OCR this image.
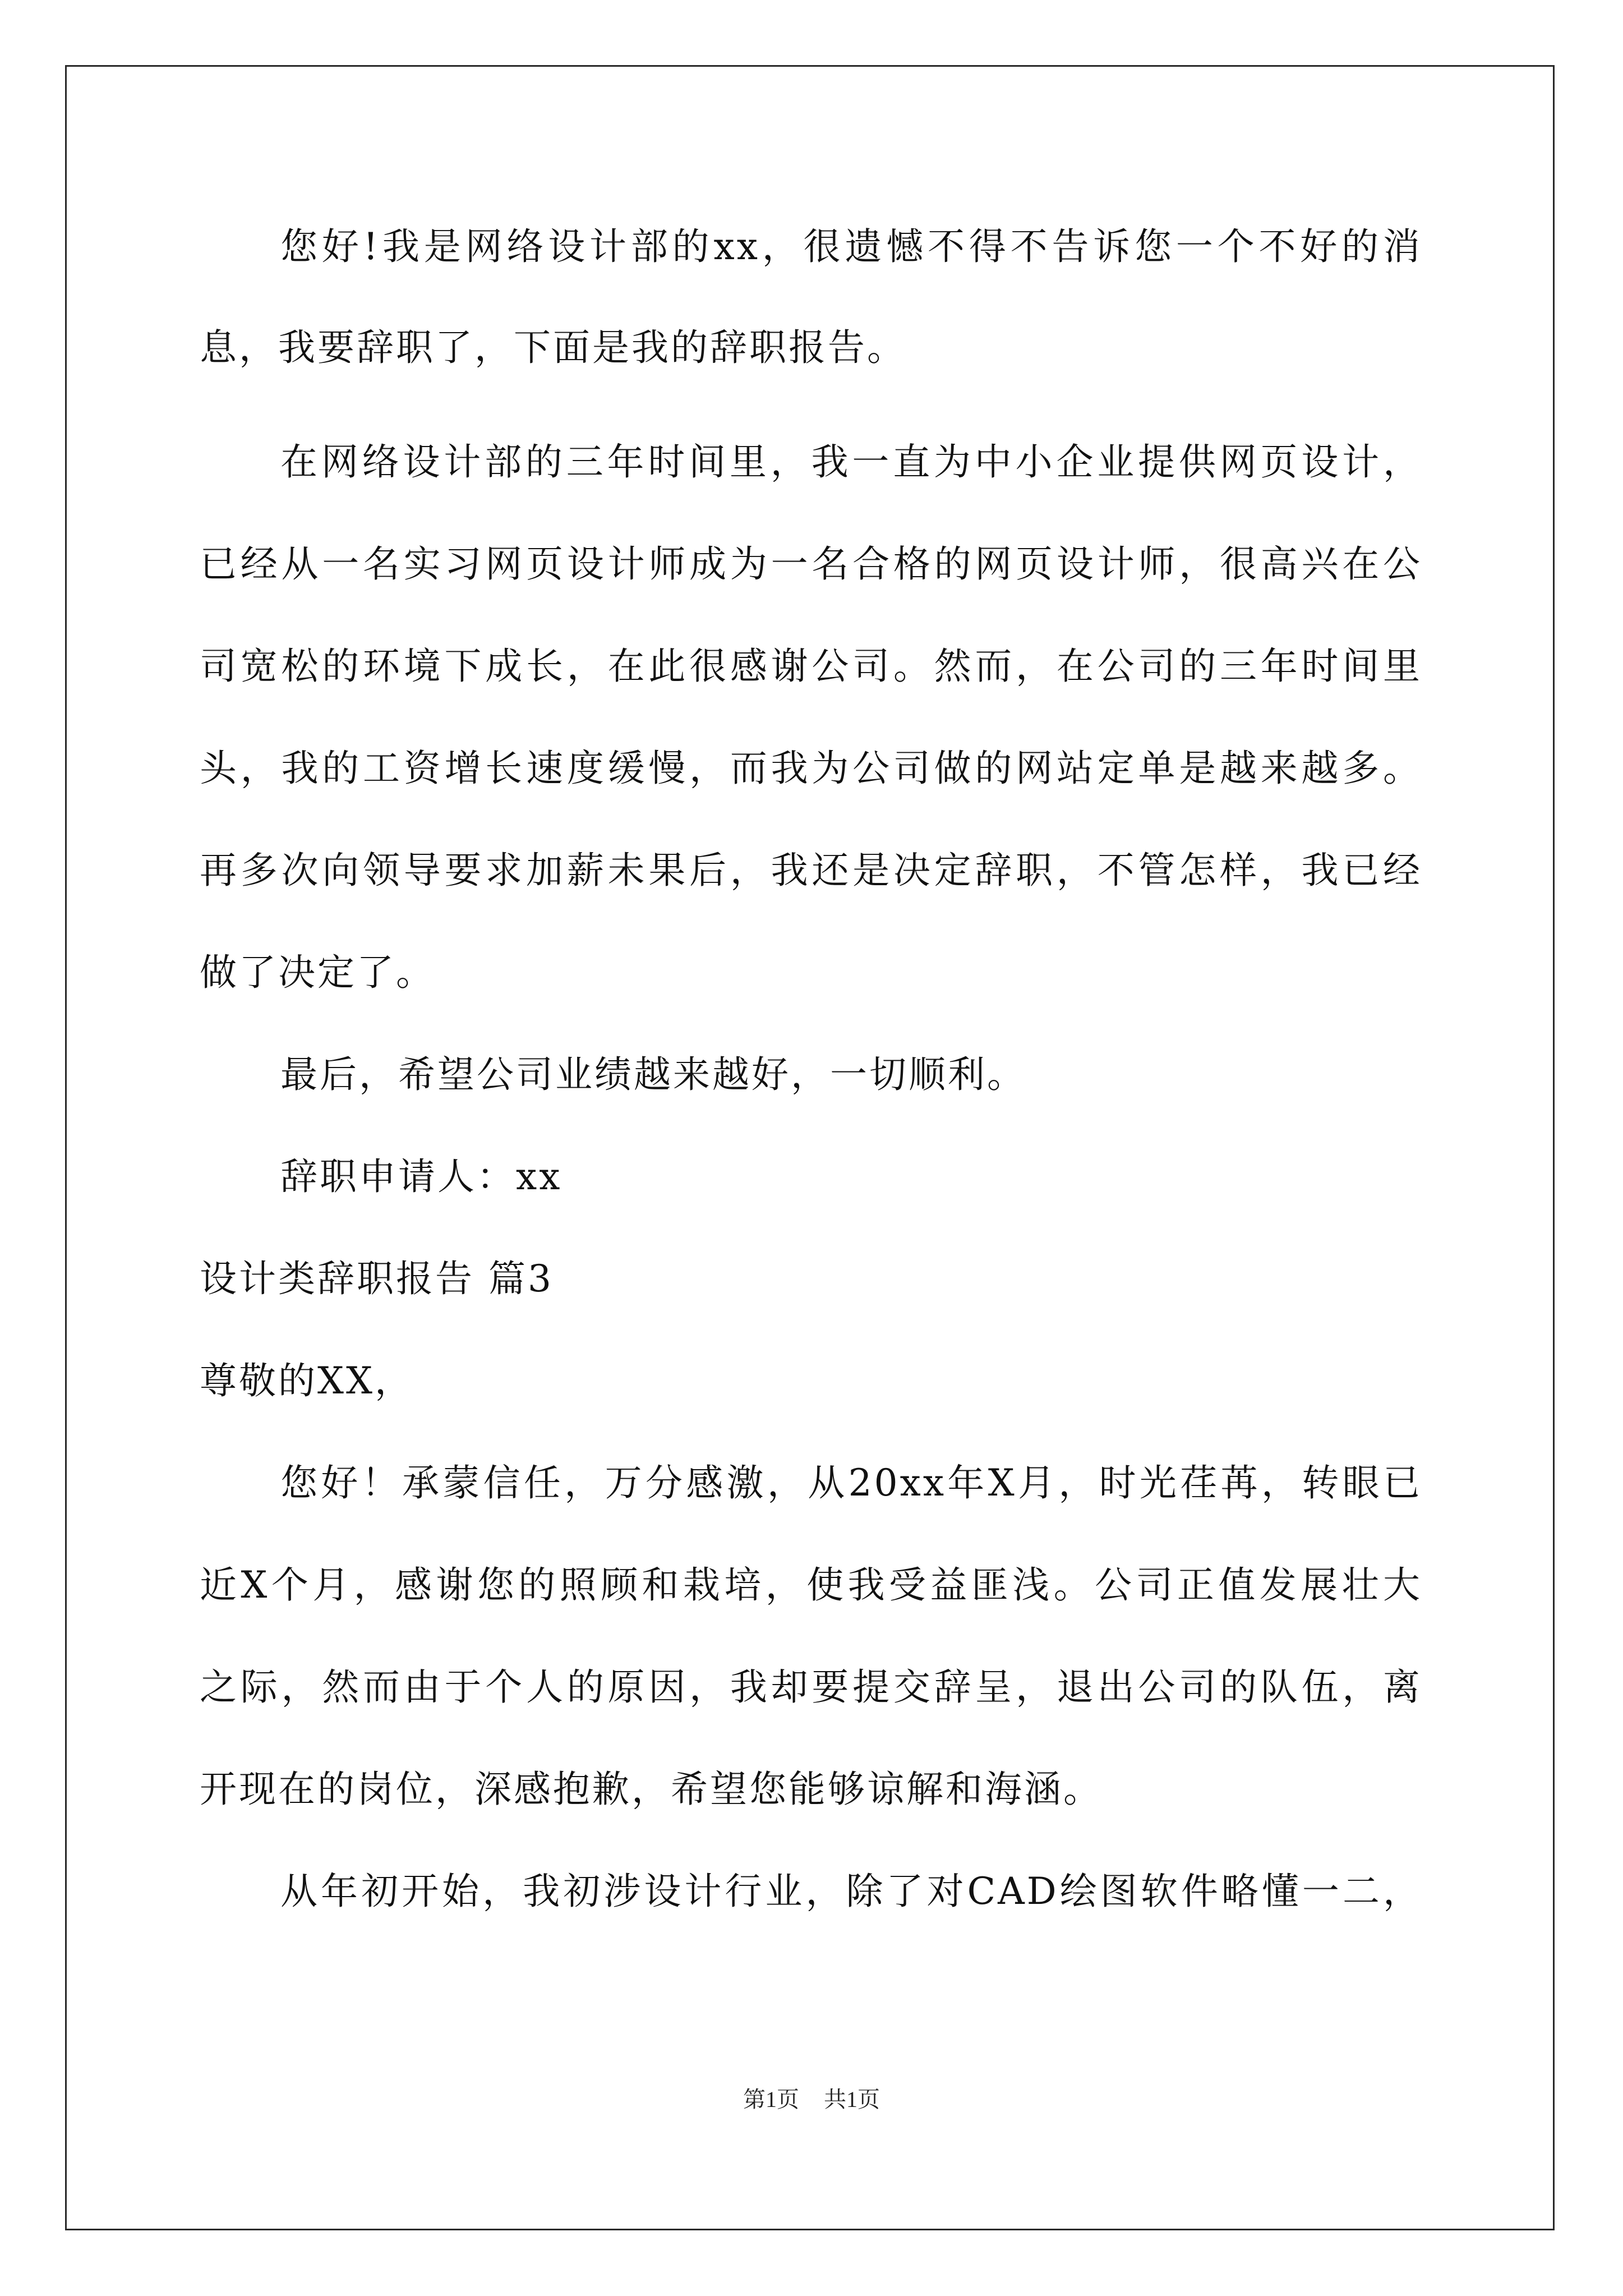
您好!我是网络设计部的xx，很遗憾不得不告诉您一个不好的消
息，我要辞职了，下面是我的辞职报告。
在网络设计部的三年时间里，我一直为中小企业提供网页设计，
已经从一名实习网页设计师成为一名合格的网页设计师，很高兴在公
司宽松的环境下成长，在此很感谢公司。然而，在公司的三年时间里
头，我的工资增长速度缓慢，而我为公司做的网站定单是越来越多。
再多次向领导要求加薪未果后，我还是决定辞职，不管怎样，我已经
做了决定了。
最后，希望公司业绩越来越好，一切顺利。
辞职申请人：xx
设计类辞职报告 篇3
尊敬的XX，
您好！承蒙信任，万分感激，从20xx年X月，时光荏苒，转眼已
近X个月，感谢您的照顾和栽培，使我受益匪浅。公司正值发展壮大
之际，然而由于个人的原因，我却要提交辞呈，退出公司的队伍，离
开现在的岗位，深感抱歉，希望您能够谅解和海涵。
从年初开始，我初涉设计行业，除了对CAD绘图软件略懂一二，
第1页 共1页
